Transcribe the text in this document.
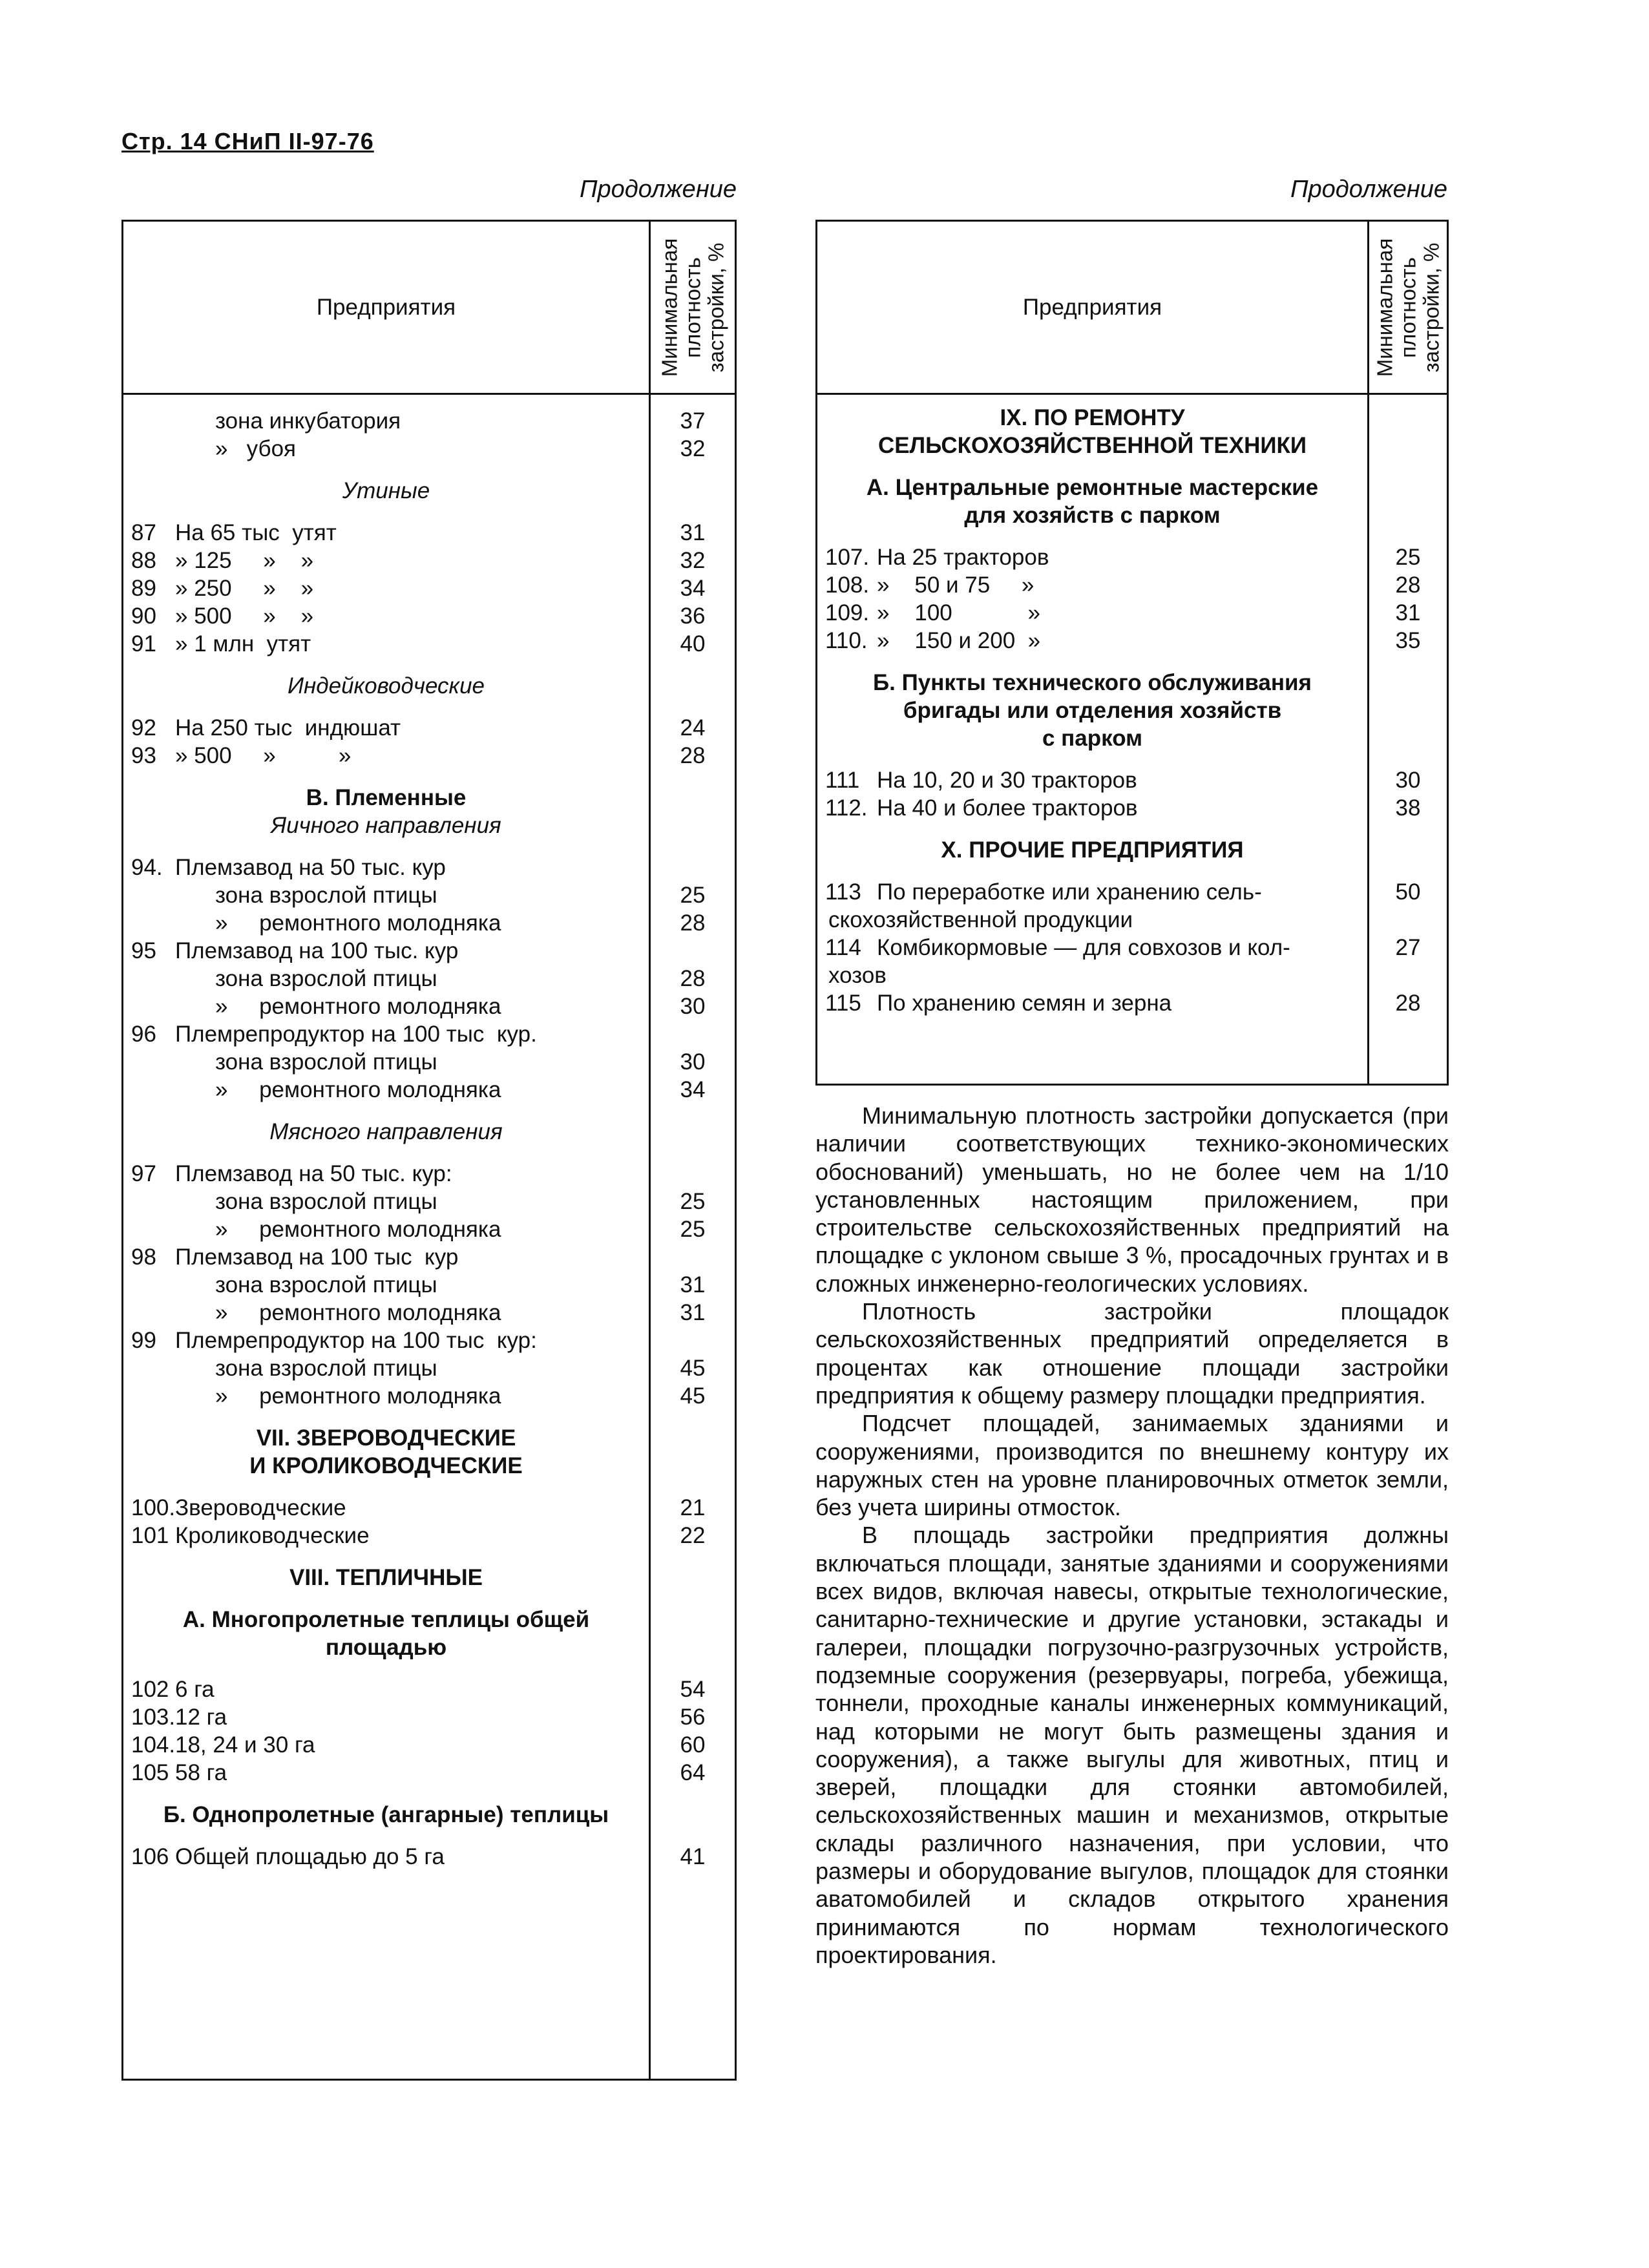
Стр. 14 СНиП II-97-76
Продолжение	Продолжение
Предприятия	Минимальная плотность застройки, %
зона инкубатория	37
»   убоя	32
Утиные
87 На 65 тыс  утят	31
88 » 125     »    »	32
89 » 250     »    »	34
90 » 500     »    »	36
91 » 1 млн  утят	40
Индейководческие
92 На 250 тыс  индюшат	24
93 » 500     »          »	28
В. Племенные
Яичного направления
94. Племзавод на 50 тыс. кур
зона взрослой птицы	25
»     ремонтного молодняка	28
95 Племзавод на 100 тыс. кур
зона взрослой птицы	28
»     ремонтного молодняка	30
96 Племрепродуктор на 100 тыс  кур.
зона взрослой птицы	30
»     ремонтного молодняка	34
Мясного направления
97 Племзавод на 50 тыс. кур:
зона взрослой птицы	25
»     ремонтного молодняка	25
98 Племзавод на 100 тыс  кур
зона взрослой птицы	31
»     ремонтного молодняка	31
99 Племрепродуктор на 100 тыс  кур:
зона взрослой птицы	45
»     ремонтного молодняка	45
VII. ЗВЕРОВОДЧЕСКИЕ
И КРОЛИКОВОДЧЕСКИЕ
100. Звероводческие	21
101 Кролиководческие	22
VIII. ТЕПЛИЧНЫЕ
А. Многопролетные теплицы общей
площадью
102 6 га	54
103. 12 га	56
104. 18, 24 и 30 га	60
105 58 га	64
Б. Однопролетные (ангарные) теплицы
106 Общей площадью до 5 га	41
Предприятия	Минимальная плотность застройки, %
IX. ПО РЕМОНТУ
СЕЛЬСКОХОЗЯЙСТВЕННОЙ ТЕХНИКИ
А. Центральные ремонтные мастерские
для хозяйств с парком
107. На 25 тракторов	25
108. »    50 и 75     »	28
109. »    100            »	31
110. »    150 и 200  »	35
Б. Пункты технического обслуживания
бригады или отделения хозяйств
с парком
111 На 10, 20 и 30 тракторов	30
112. На 40 и более тракторов	38
Х. ПРОЧИЕ ПРЕДПРИЯТИЯ
113 По переработке или хранению сель-	50
скохозяйственной продукции
114 Комбикормовые — для совхозов и кол-	27
хозов
115 По хранению семян и зерна	28

Минимальную плотность застройки допускается (при наличии соответствующих технико-экономических обоснований) уменьшать, но не более чем на 1/10 установленных настоящим приложением, при строительстве сельскохозяйственных предприятий на площадке с уклоном свыше 3 %, просадочных грунтах и в сложных инженерно-геологических условиях.

Плотность застройки площадок сельскохозяйственных предприятий определяется в процентах как отношение площади застройки предприятия к общему размеру площадки предприятия.

Подсчет площадей, занимаемых зданиями и сооружениями, производится по внешнему контуру их наружных стен на уровне планировочных отметок земли, без учета ширины отмосток.

В площадь застройки предприятия должны включаться площади, занятые зданиями и сооружениями всех видов, включая навесы, открытые технологические, санитарно-технические и другие установки, эстакады и галереи, площадки погрузочно-разгрузочных устройств, подземные сооружения (резервуары, погреба, убежища, тоннели, проходные каналы инженерных коммуникаций, над которыми не могут быть размещены здания и сооружения), а также выгулы для животных, птиц и зверей, площадки для стоянки автомобилей, сельскохозяйственных машин и механизмов, открытые склады различного назначения, при условии, что размеры и оборудование выгулов, площадок для стоянки аватомобилей и складов открытого хранения принимаются по нормам технологического проектирования.
